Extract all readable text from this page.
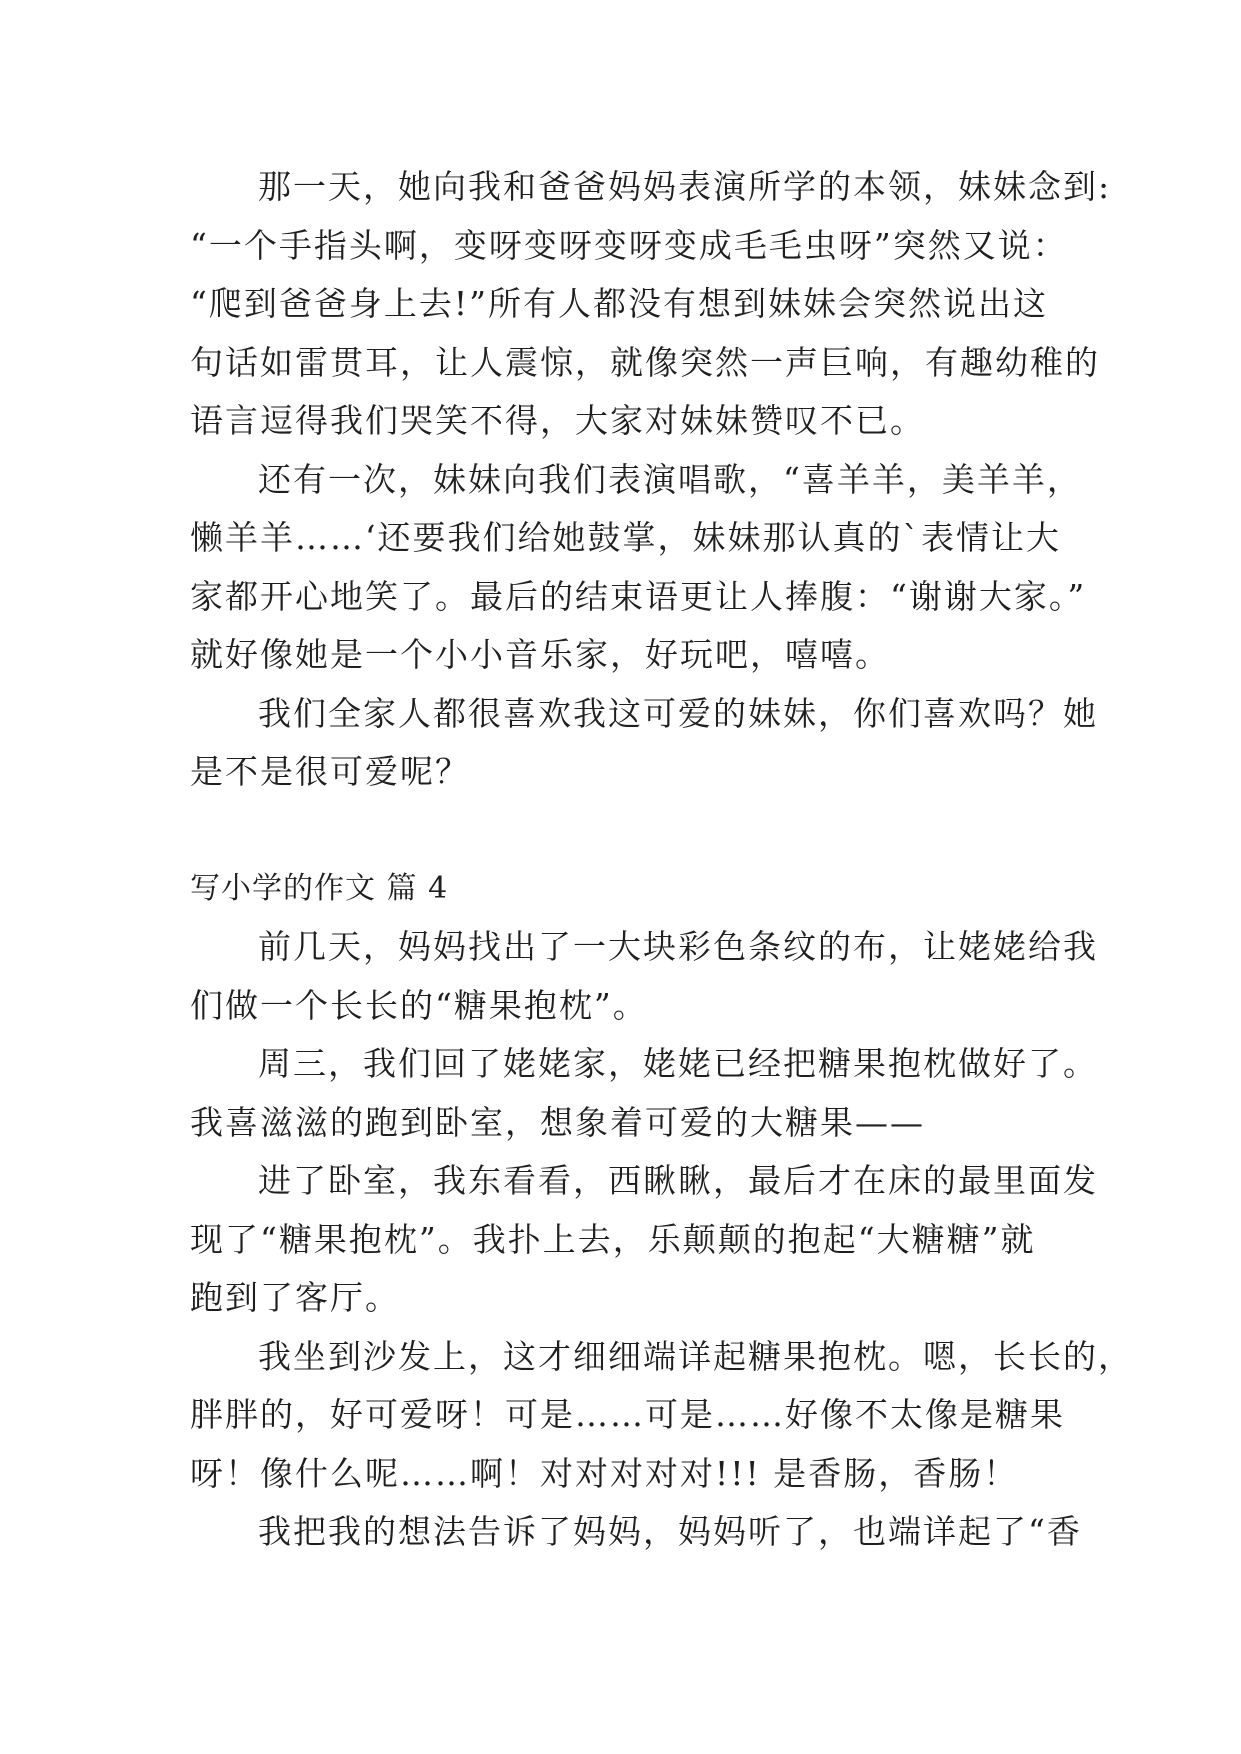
那一天，她向我和爸爸妈妈表演所学的本领，妹妹念到:
“一个手指头啊，变呀变呀变呀变成毛毛虫呀”突然又说：
“爬到爸爸身上去!”所有人都没有想到妹妹会突然说出这
句话如雷贯耳，让人震惊，就像突然一声巨响，有趣幼稚的
语言逗得我们哭笑不得，大家对妹妹赞叹不已。

还有一次，妹妹向我们表演唱歌，“喜羊羊，美羊羊，
懒羊羊……‘还要我们给她鼓掌，妹妹那认真的`表情让大
家都开心地笑了。最后的结束语更让人捧腹：“谢谢大家。”
就好像她是一个小小音乐家，好玩吧，嘻嘻。

我们全家人都很喜欢我这可爱的妹妹，你们喜欢吗？她
是不是很可爱呢？

写小学的作文 篇 4

前几天，妈妈找出了一大块彩色条纹的布，让姥姥给我
们做一个长长的“糖果抱枕”。

周三，我们回了姥姥家，姥姥已经把糖果抱枕做好了。
我喜滋滋的跑到卧室，想象着可爱的大糖果——

进了卧室，我东看看，西瞅瞅，最后才在床的最里面发
现了“糖果抱枕”。我扑上去，乐颠颠的抱起“大糖糖”就
跑到了客厅。

我坐到沙发上，这才细细端详起糖果抱枕。嗯，长长的，
胖胖的，好可爱呀！可是……可是……好像不太像是糖果
呀！像什么呢……啊！对对对对对!!! 是香肠，香肠！

我把我的想法告诉了妈妈，妈妈听了，也端详起了“香
